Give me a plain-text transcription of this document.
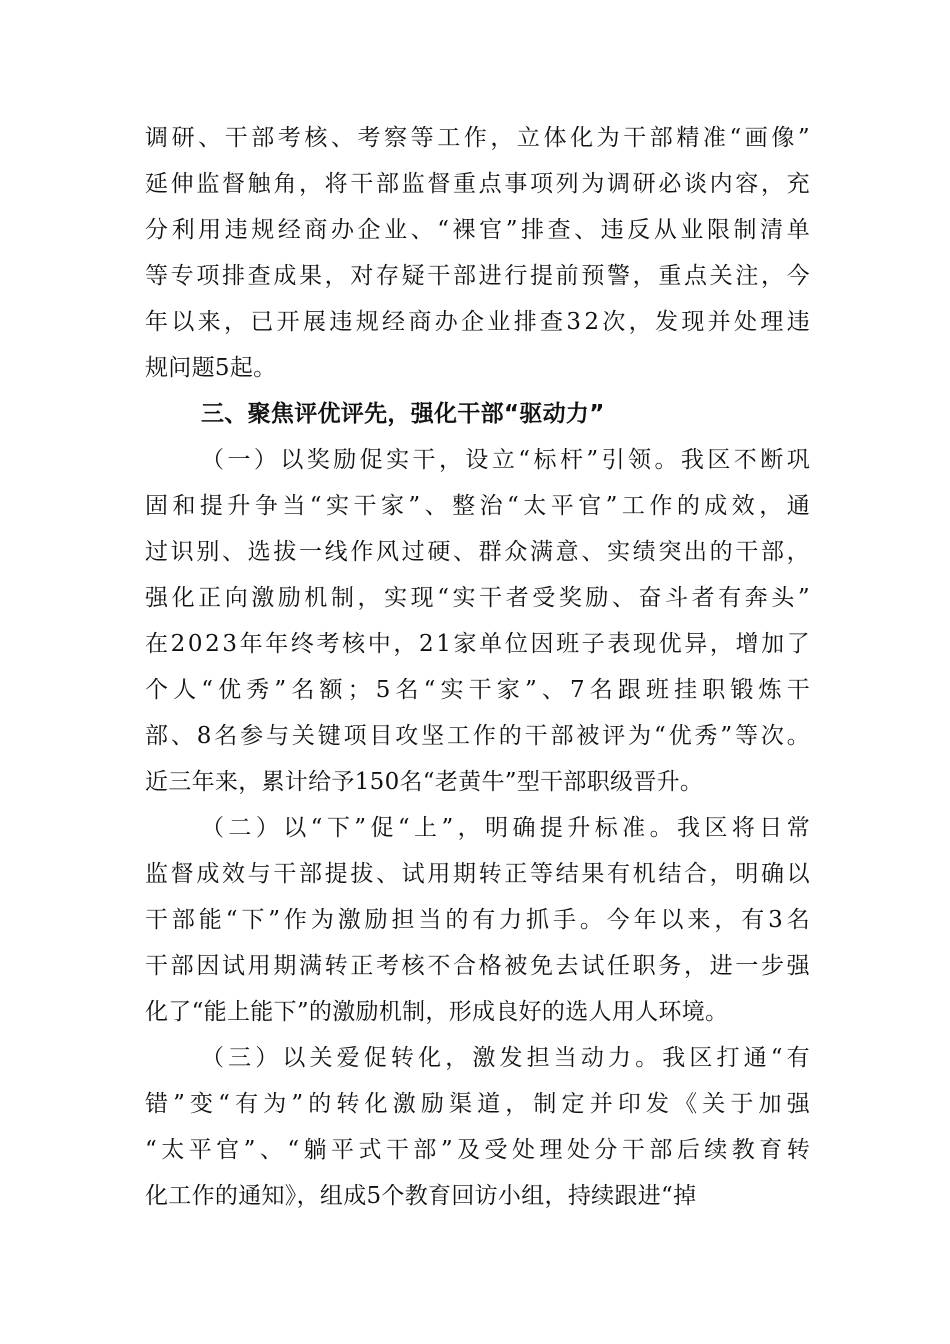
调研、干部考核、考察等工作，立体化为干部精准“画像”
延伸监督触角，将干部监督重点事项列为调研必谈内容，充
分利用违规经商办企业、“裸官”排查、违反从业限制清单
等专项排查成果，对存疑干部进行提前预警，重点关注，今
年以来，已开展违规经商办企业排查32次，发现并处理违
规问题5起。
三、聚焦评优评先，强化干部“驱动力”
（一）以奖励促实干，设立“标杆”引领。我区不断巩
固和提升争当“实干家”、整治“太平官”工作的成效，通
过识别、选拔一线作风过硬、群众满意、实绩突出的干部，
强化正向激励机制，实现“实干者受奖励、奋斗者有奔头”
在2023年年终考核中，21家单位因班子表现优异，增加了
个人“优秀”名额；5名“实干家”、7名跟班挂职锻炼干
部、8名参与关键项目攻坚工作的干部被评为“优秀”等次。
近三年来，累计给予150名“老黄牛”型干部职级晋升。
（二）以“下”促“上”，明确提升标准。我区将日常
监督成效与干部提拔、试用期转正等结果有机结合，明确以
干部能“下”作为激励担当的有力抓手。今年以来，有3名
干部因试用期满转正考核不合格被免去试任职务，进一步强
化了“能上能下”的激励机制，形成良好的选人用人环境。
（三）以关爱促转化，激发担当动力。我区打通“有
错”变“有为”的转化激励渠道，制定并印发《关于加强
“太平官”、“躺平式干部”及受处理处分干部后续教育转
化工作的通知》，组成5个教育回访小组，持续跟进“掉
